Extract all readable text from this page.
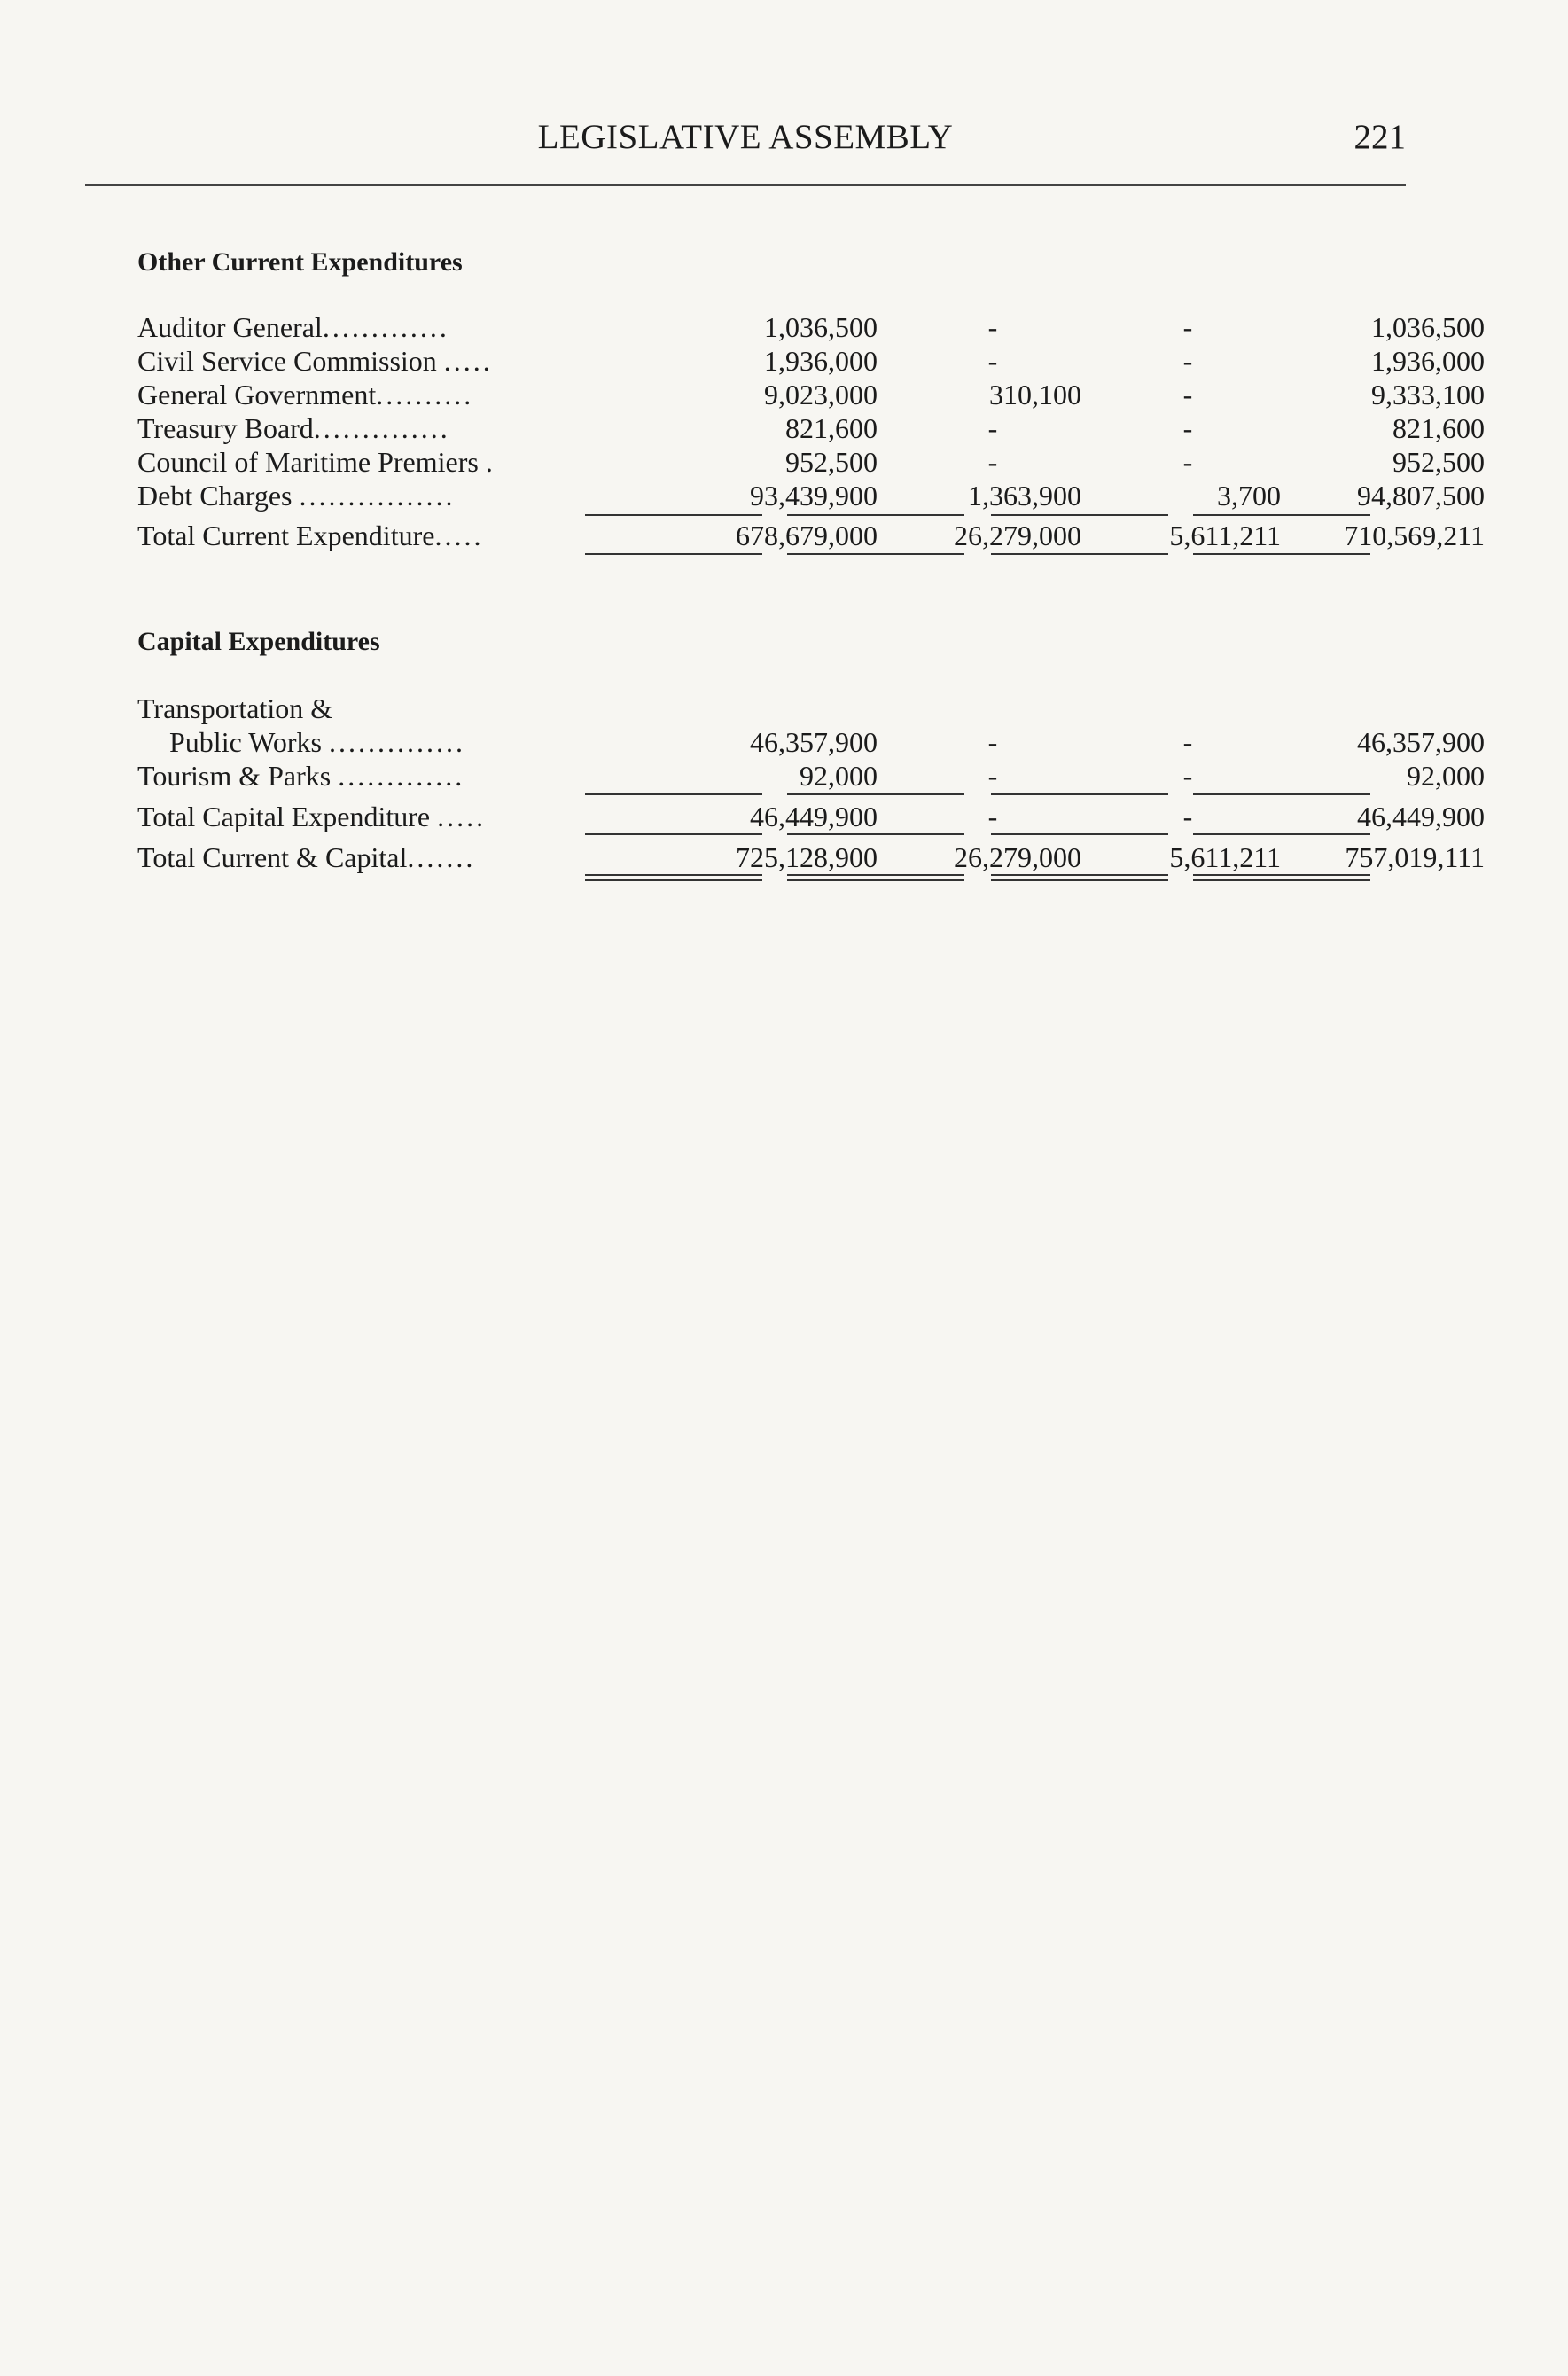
LEGISLATIVE ASSEMBLY	221
Other Current Expenditures
Auditor General.............	1,036,500	-	-	1,036,500
Civil Service Commission .....	1,936,000	-	-	1,936,000
General Government..........	9,023,000	310,100	-	9,333,100
Treasury Board..............	821,600	-	-	821,600
Council of Maritime Premiers .	952,500	-	-	952,500
Debt Charges ................	93,439,900	1,363,900	3,700	94,807,500
Total Current Expenditure.....	678,679,000	26,279,000	5,611,211	710,569,211
Capital Expenditures
Transportation &
Public Works ..............	46,357,900	-	-	46,357,900
Tourism & Parks .............	92,000	-	-	92,000
Total Capital Expenditure .....	46,449,900	-	-	46,449,900
Total Current & Capital.......	725,128,900	26,279,000	5,611,211	757,019,111
